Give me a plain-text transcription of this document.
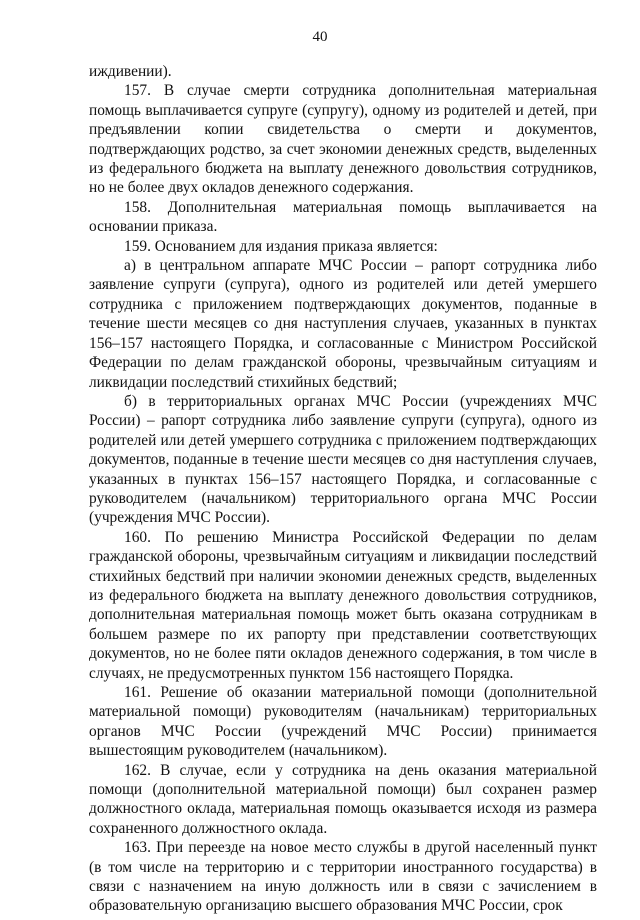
40

иждивении).

157. В случае смерти сотрудника дополнительная материальная помощь выплачивается супруге (супругу), одному из родителей и детей, при предъявлении копии свидетельства о смерти и документов, подтверждающих родство, за счет экономии денежных средств, выделенных из федерального бюджета на выплату денежного довольствия сотрудников, но не более двух окладов денежного содержания.

158. Дополнительная материальная помощь выплачивается на основании приказа.

159. Основанием для издания приказа является:

а) в центральном аппарате МЧС России – рапорт сотрудника либо заявление супруги (супруга), одного из родителей или детей умершего сотрудника с приложением подтверждающих документов, поданные в течение шести месяцев со дня наступления случаев, указанных в пунктах 156–157 настоящего Порядка, и согласованные с Министром Российской Федерации по делам гражданской обороны, чрезвычайным ситуациям и ликвидации последствий стихийных бедствий;

б) в территориальных органах МЧС России (учреждениях МЧС России) – рапорт сотрудника либо заявление супруги (супруга), одного из родителей или детей умершего сотрудника с приложением подтверждающих документов, поданные в течение шести месяцев со дня наступления случаев, указанных в пунктах 156–157 настоящего Порядка, и согласованные с руководителем (начальником) территориального органа МЧС России (учреждения МЧС России).

160. По решению Министра Российской Федерации по делам гражданской обороны, чрезвычайным ситуациям и ликвидации последствий стихийных бедствий при наличии экономии денежных средств, выделенных из федерального бюджета на выплату денежного довольствия сотрудников, дополнительная материальная помощь может быть оказана сотрудникам в большем размере по их рапорту при представлении соответствующих документов, но не более пяти окладов денежного содержания, в том числе в случаях, не предусмотренных пунктом 156 настоящего Порядка.

161. Решение об оказании материальной помощи (дополнительной материальной помощи) руководителям (начальникам) территориальных органов МЧС России (учреждений МЧС России) принимается вышестоящим руководителем (начальником).

162. В случае, если у сотрудника на день оказания материальной помощи (дополнительной материальной помощи) был сохранен размер должностного оклада, материальная помощь оказывается исходя из размера сохраненного должностного оклада.

163. При переезде на новое место службы в другой населенный пункт (в том числе на территорию и с территории иностранного государства) в связи с назначением на иную должность или в связи с зачислением в образовательную организацию высшего образования МЧС России, срок
